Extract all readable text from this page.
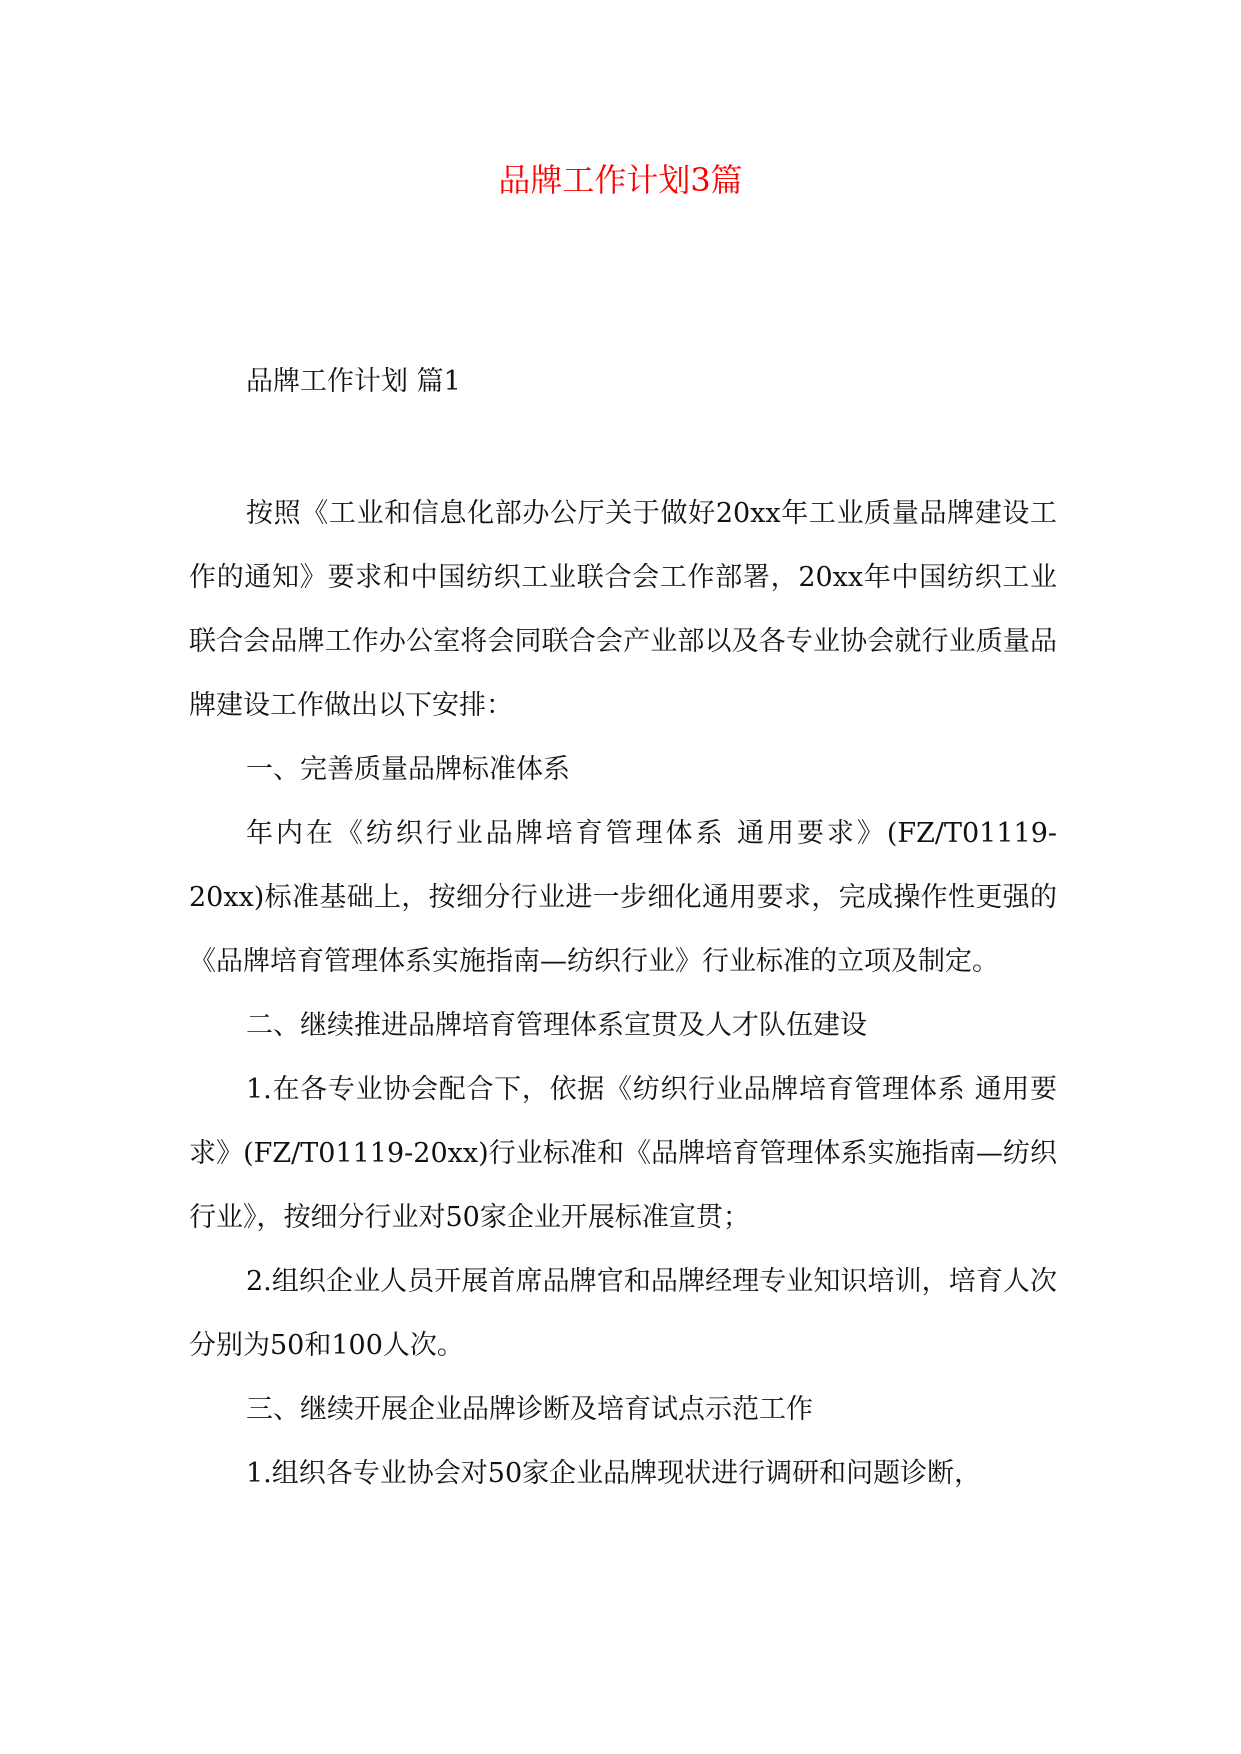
品牌工作计划3篇
品牌工作计划 篇1

按照《工业和信息化部办公厅关于做好20xx年工业质量品牌建设工作的通知》要求和中国纺织工业联合会工作部署，20xx年中国纺织工业联合会品牌工作办公室将会同联合会产业部以及各专业协会就行业质量品牌建设工作做出以下安排：

一、完善质量品牌标准体系

年内在《纺织行业品牌培育管理体系 通用要求》(FZ/T01119-20xx)标准基础上，按细分行业进一步细化通用要求，完成操作性更强的《品牌培育管理体系实施指南—纺织行业》行业标准的立项及制定。

二、继续推进品牌培育管理体系宣贯及人才队伍建设

1.在各专业协会配合下，依据《纺织行业品牌培育管理体系 通用要求》(FZ/T01119-20xx)行业标准和《品牌培育管理体系实施指南—纺织行业》，按细分行业对50家企业开展标准宣贯；

2.组织企业人员开展首席品牌官和品牌经理专业知识培训，培育人次分别为50和100人次。

三、继续开展企业品牌诊断及培育试点示范工作

1.组织各专业协会对50家企业品牌现状进行调研和问题诊断，
